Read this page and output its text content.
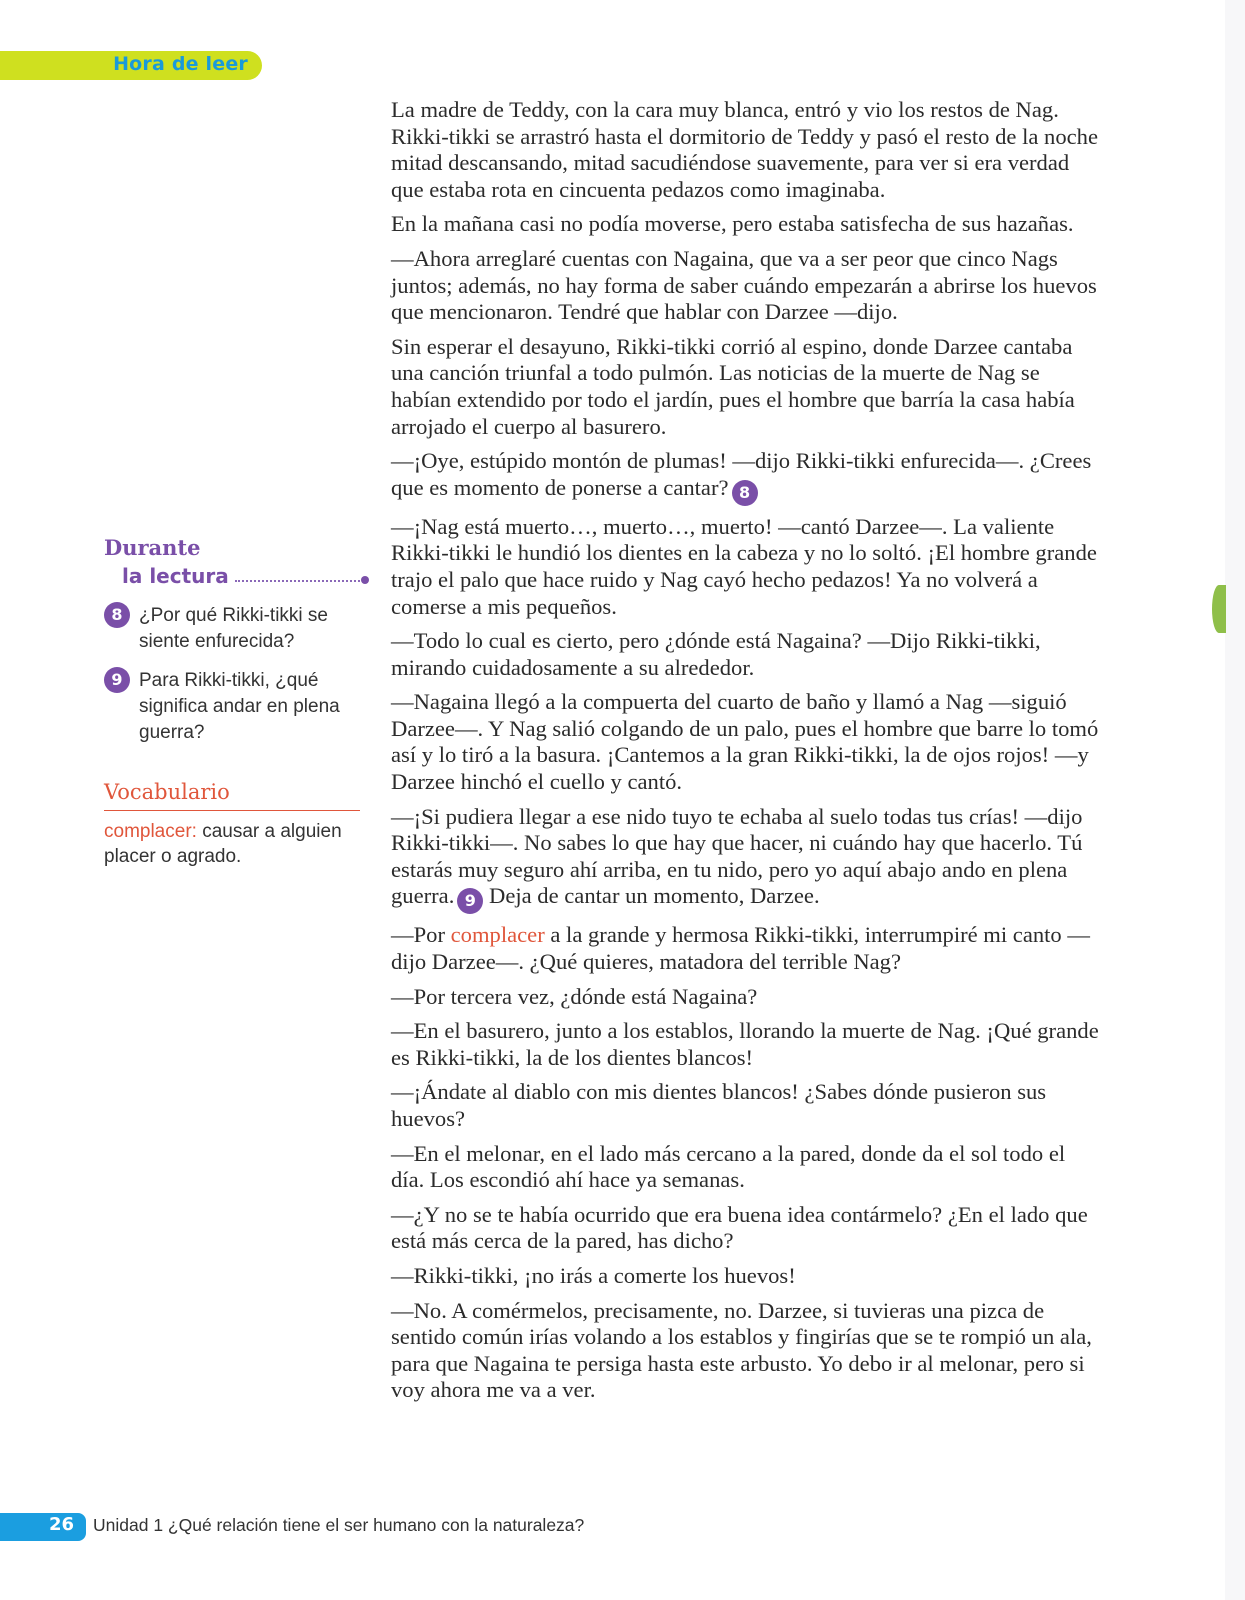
Hora de leer
Durante
la lectura
8 ¿Por qué Rikki-tikki se siente enfurecida?
9 Para Rikki-tikki, ¿qué significa andar en plena guerra?
Vocabulario
complacer: causar a alguien placer o agrado.

La madre de Teddy, con la cara muy blanca, entró y vio los restos de Nag. Rikki-tikki se arrastró hasta el dormitorio de Teddy y pasó el resto de la noche mitad descansando, mitad sacudiéndose suavemente, para ver si era verdad que estaba rota en cincuenta pedazos como imaginaba.

En la mañana casi no podía moverse, pero estaba satisfecha de sus hazañas.

—Ahora arreglaré cuentas con Nagaina, que va a ser peor que cinco Nags juntos; además, no hay forma de saber cuándo empezarán a abrirse los huevos que mencionaron. Tendré que hablar con Darzee —dijo.

Sin esperar el desayuno, Rikki-tikki corrió al espino, donde Darzee cantaba una canción triunfal a todo pulmón. Las noticias de la muerte de Nag se habían extendido por todo el jardín, pues el hombre que barría la casa había arrojado el cuerpo al basurero.

—¡Oye, estúpido montón de plumas! —dijo Rikki-tikki enfurecida—. ¿Crees que es momento de ponerse a cantar? 8

—¡Nag está muerto…, muerto…, muerto! —cantó Darzee—. La valiente Rikki-tikki le hundió los dientes en la cabeza y no lo soltó. ¡El hombre grande trajo el palo que hace ruido y Nag cayó hecho pedazos! Ya no volverá a comerse a mis pequeños.

—Todo lo cual es cierto, pero ¿dónde está Nagaina? —Dijo Rikki-tikki, mirando cuidadosamente a su alrededor.

—Nagaina llegó a la compuerta del cuarto de baño y llamó a Nag —siguió Darzee—. Y Nag salió colgando de un palo, pues el hombre que barre lo tomó así y lo tiró a la basura. ¡Cantemos a la gran Rikki-tikki, la de ojos rojos! —y Darzee hinchó el cuello y cantó.

—¡Si pudiera llegar a ese nido tuyo te echaba al suelo todas tus crías! —dijo Rikki-tikki—. No sabes lo que hay que hacer, ni cuándo hay que hacerlo. Tú estarás muy seguro ahí arriba, en tu nido, pero yo aquí abajo ando en plena guerra. 9 Deja de cantar un momento, Darzee.

—Por complacer a la grande y hermosa Rikki-tikki, interrumpiré mi canto —dijo Darzee—. ¿Qué quieres, matadora del terrible Nag?

—Por tercera vez, ¿dónde está Nagaina?

—En el basurero, junto a los establos, llorando la muerte de Nag. ¡Qué grande es Rikki-tikki, la de los dientes blancos!

—¡Ándate al diablo con mis dientes blancos! ¿Sabes dónde pusieron sus huevos?

—En el melonar, en el lado más cercano a la pared, donde da el sol todo el día. Los escondió ahí hace ya semanas.

—¿Y no se te había ocurrido que era buena idea contármelo? ¿En el lado que está más cerca de la pared, has dicho?

—Rikki-tikki, ¡no irás a comerte los huevos!

—No. A comérmelos, precisamente, no. Darzee, si tuvieras una pizca de sentido común irías volando a los establos y fingirías que se te rompió un ala, para que Nagaina te persiga hasta este arbusto. Yo debo ir al melonar, pero si voy ahora me va a ver.

26 Unidad 1 ¿Qué relación tiene el ser humano con la naturaleza?
